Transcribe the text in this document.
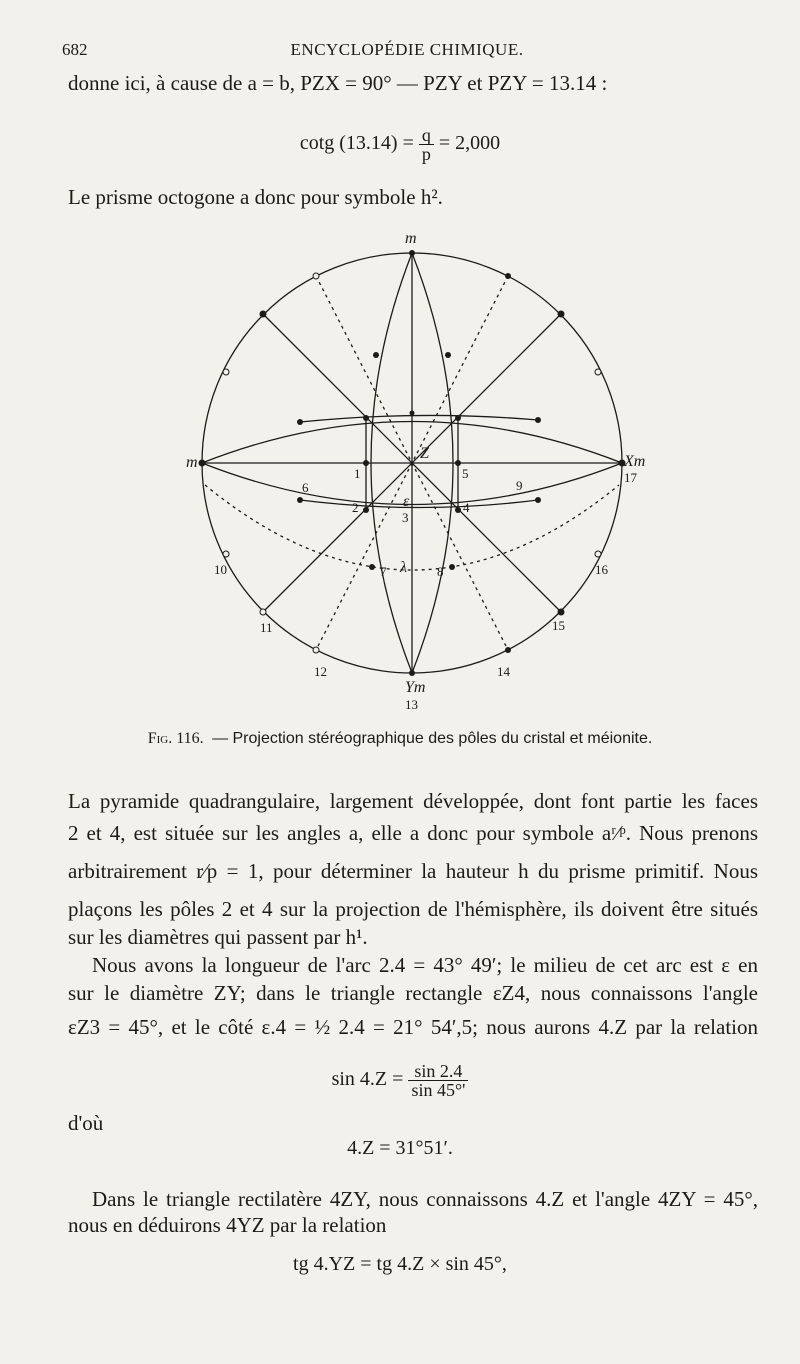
682	ENCYCLOPÉDIE CHIMIQUE.
donne ici, à cause de a = b, PZX = 90° — PZY et PZY = 13.14 :
cotg $(13.14) = \frac{q}{p} = 2,000$
Le prisme octogone a donc pour symbole h².
m
Xm
m
Ym
Z
λ
ε
1
2
3
4
5
6
7	8
9
10
11
12
13
14
15
16
17
Fig. 116. — Projection stéréographique des pôles du cristal et méionite.
La pyramide quadrangulaire, largement développée, dont font partie les faces
2 et 4, est située sur les angles a, elle a donc pour symbole aʳ⁄ᵖ. Nous prenons
arbitrairement r⁄p = 1, pour déterminer la hauteur h du prisme primitif. Nous
plaçons les pôles 2 et 4 sur la projection de l'hémisphère, ils doivent être situés
sur les diamètres qui passent par h¹.
Nous avons la longueur de l'arc 2.4 = 43° 49′; le milieu de cet arc est ε en
sur le diamètre ZY; dans le triangle rectangle εZ4, nous connaissons l'angle
εZ3 = 45°, et le côté ε.4 = ½ 2.4 = 21° 54′,5; nous aurons 4.Z par la relation
$\sin 4.Z = \frac{\sin 2.4}{\sin 45^\circ'}$
d'où
4.Z = 31°51′.
Dans le triangle rectilatère 4ZY, nous connaissons 4.Z et l'angle 4ZY = 45°,
nous en déduirons 4YZ par la relation
tg 4.YZ = tg 4.Z × sin 45°,
